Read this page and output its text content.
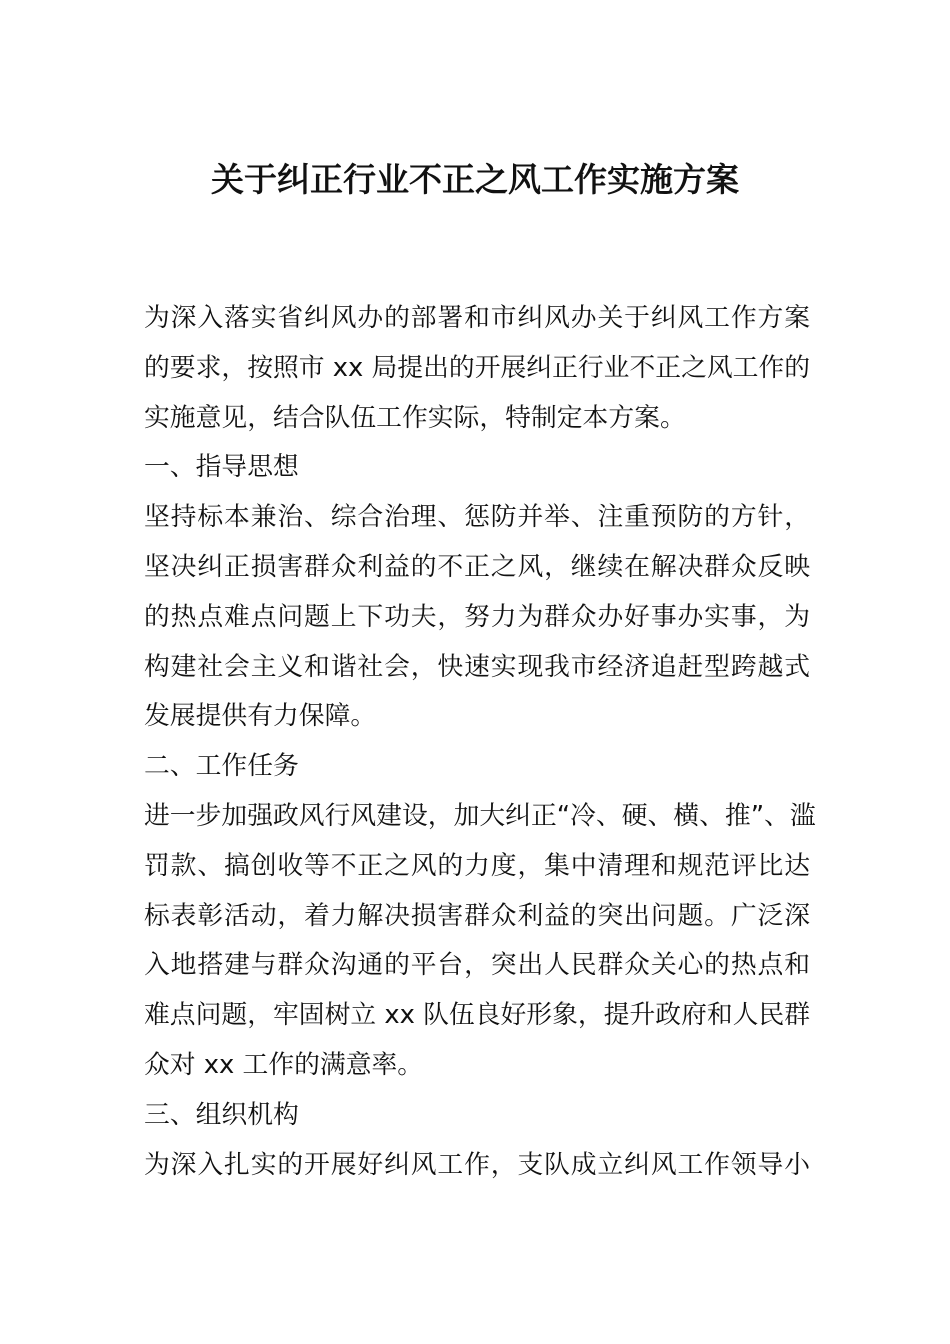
关于纠正行业不正之风工作实施方案

为深入落实省纠风办的部署和市纠风办关于纠风工作方案
的要求，按照市 xx 局提出的开展纠正行业不正之风工作的
实施意见，结合队伍工作实际，特制定本方案。

一、指导思想

坚持标本兼治、综合治理、惩防并举、注重预防的方针，
坚决纠正损害群众利益的不正之风，继续在解决群众反映
的热点难点问题上下功夫，努力为群众办好事办实事，为
构建社会主义和谐社会，快速实现我市经济追赶型跨越式
发展提供有力保障。

二、工作任务

进一步加强政风行风建设，加大纠正“冷、硬、横、推”、滥
罚款、搞创收等不正之风的力度，集中清理和规范评比达
标表彰活动，着力解决损害群众利益的突出问题。广泛深
入地搭建与群众沟通的平台，突出人民群众关心的热点和
难点问题，牢固树立 xx 队伍良好形象，提升政府和人民群
众对 xx 工作的满意率。

三、组织机构

为深入扎实的开展好纠风工作，支队成立纠风工作领导小
